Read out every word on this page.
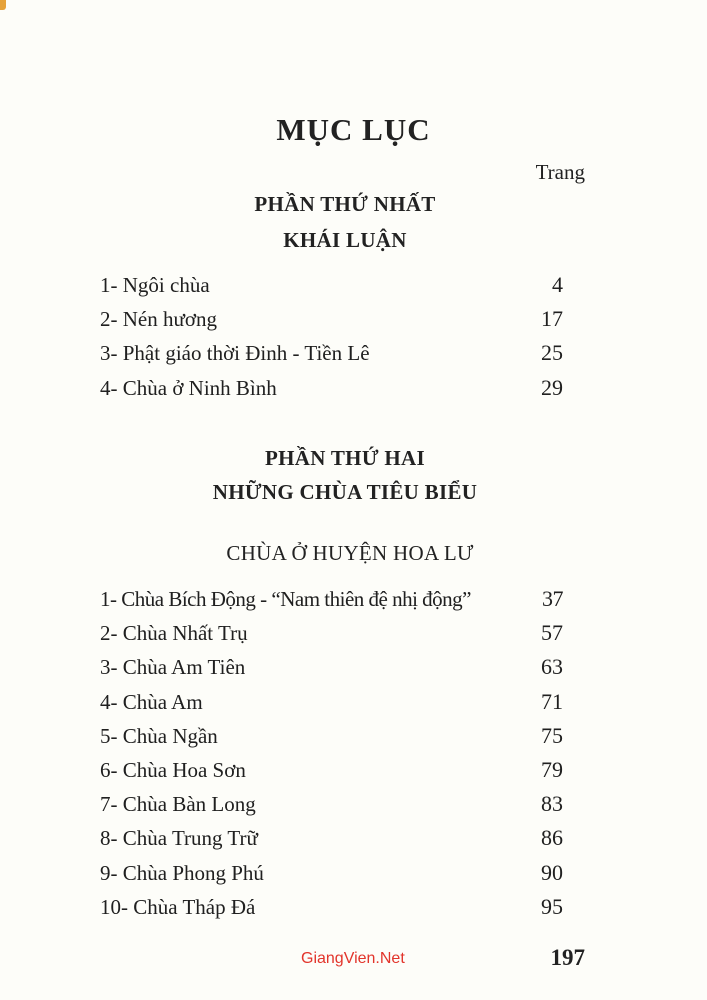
MỤC LỤC
Trang
PHẦN THỨ NHẤT
KHÁI LUẬN
1- Ngôi chùa	4
2- Nén hương	17
3- Phật giáo thời Đinh - Tiền Lê	25
4- Chùa ở Ninh Bình	29
PHẦN THỨ HAI
NHỮNG CHÙA TIÊU BIỂU
CHÙA Ở HUYỆN HOA LƯ
1- Chùa Bích Động - “Nam thiên đệ nhị động”	37
2- Chùa Nhất Trụ	57
3- Chùa Am Tiên	63
4- Chùa Am	71
5- Chùa Ngần	75
6- Chùa Hoa Sơn	79
7- Chùa Bàn Long	83
8- Chùa Trung Trữ	86
9- Chùa Phong Phú	90
10- Chùa Tháp Đá	95
GiangVien.Net	197
